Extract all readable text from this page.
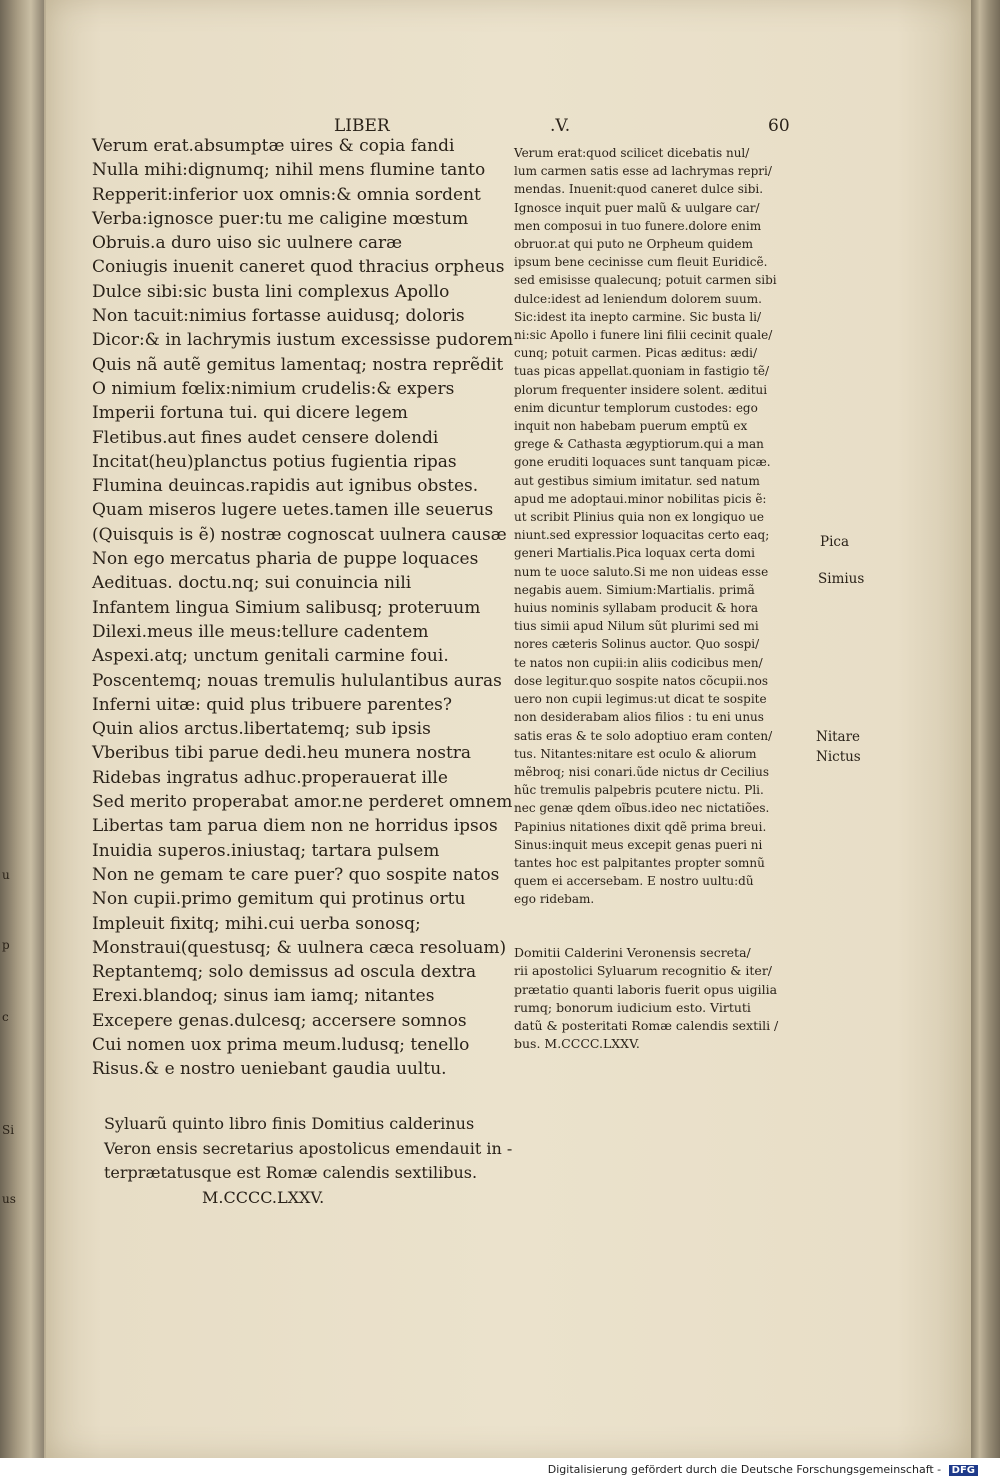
u
p
c
Si
us
LIBER	.V.	60
Verum erat.absumptæ uires & copia fandi
Nulla mihi:dignumq; nihil mens flumine tanto
Repperit:inferior uox omnis:& omnia sordent
Verba:ignosce puer:tu me caligine mœstum
Obruis.a duro uiso sic uulnere caræ
Coniugis inuenit caneret quod thracius orpheus
Dulce sibi:sic busta lini complexus Apollo
Non tacuit:nimius fortasse auidusq; doloris
Dicor:& in lachrymis iustum excessisse pudorem
Quis nã autẽ gemitus lamentaq; nostra reprẽdit
O nimium fœlix:nimium crudelis:& expers
Imperii fortuna tui. qui dicere legem
Fletibus.aut fines audet censere dolendi
Incitat(heu)planctus potius fugientia ripas
Flumina deuincas.rapidis aut ignibus obstes.
Quam miseros lugere uetes.tamen ille seuerus
(Quisquis is ẽ) nostræ cognoscat uulnera causæ
Non ego mercatus pharia de puppe loquaces
Aedituas. doctu.nq; sui conuincia nili
Infantem lingua Simium salibusq; proteruum
Dilexi.meus ille meus:tellure cadentem
Aspexi.atq; unctum genitali carmine foui.
Poscentemq; nouas tremulis hululantibus auras
Inferni uitæ: quid plus tribuere parentes?
Quin alios arctus.libertatemq; sub ipsis
Vberibus tibi parue dedi.heu munera nostra
Ridebas ingratus adhuc.properauerat ille
Sed merito properabat amor.ne perderet omnem
Libertas tam parua diem non ne horridus ipsos
Inuidia superos.iniustaq; tartara pulsem
Non ne gemam te care puer? quo sospite natos
Non cupii.primo gemitum qui protinus ortu
Impleuit fixitq; mihi.cui uerba sonosq;
Monstraui(questusq; & uulnera cæca resoluam)
Reptantemq; solo demissus ad oscula dextra
Erexi.blandoq; sinus iam iamq; nitantes
Excepere genas.dulcesq; accersere somnos
Cui nomen uox prima meum.ludusq; tenello
Risus.& e nostro ueniebant gaudia uultu.
Verum erat:quod scilicet dicebatis nul/
lum carmen satis esse ad lachrymas repri/
mendas. Inuenit:quod caneret dulce sibi.
Ignosce inquit puer malũ & uulgare car/
men composui in tuo funere.dolore enim
obruor.at qui puto ne Orpheum quidem
ipsum bene cecinisse cum fleuit Euridicẽ.
sed emisisse qualecunq; potuit carmen sibi
dulce:idest ad leniendum dolorem suum.
Sic:idest ita inepto carmine. Sic busta li/
ni:sic Apollo i funere lini filii cecinit quale/
cunq; potuit carmen. Picas æditus: ædi/
tuas picas appellat.quoniam in fastigio tẽ/
plorum frequenter insidere solent. æditui
enim dicuntur templorum custodes: ego
inquit non habebam puerum emptũ ex
grege & Cathasta ægyptiorum.qui a man
gone eruditi loquaces sunt tanquam picæ.
aut gestibus simium imitatur. sed natum
apud me adoptaui.minor nobilitas picis ẽ:
ut scribit Plinius quia non ex longiquo ue
niunt.sed expressior loquacitas certo eaq;
generi Martialis.Pica loquax certa domi
num te uoce saluto.Si me non uideas esse
negabis auem. Simium:Martialis. primã
huius nominis syllabam producit & hora
tius simii apud Nilum sũt plurimi sed mi
nores cæteris Solinus auctor. Quo sospi/
te natos non cupii:in aliis codicibus men/
dose legitur.quo sospite natos cõcupii.nos
uero non cupii legimus:ut dicat te sospite
non desiderabam alios filios : tu eni unus
satis eras & te solo adoptiuo eram conten/
tus. Nitantes:nitare est oculo & aliorum
mẽbroq; nisi conari.ũde nictus dr Cecilius
hũc tremulis palpebris pcutere nictu. Pli.
nec genæ qdem oĩbus.ideo nec nictatiões.
Papinius nitationes dixit qdẽ prima breui.
Sinus:inquit meus excepit genas pueri ni
tantes hoc est palpitantes propter somnũ
quem ei accersebam. E nostro uultu:dũ
ego ridebam.
Pica
Simius
Nitare
Nictus
Domitii Calderini Veronensis secreta/
rii apostolici Syluarum recognitio & iter/
prætatio quanti laboris fuerit opus uigilia
rumq; bonorum iudicium esto. Virtuti
datũ & posteritati Romæ calendis sextili /
bus. M.CCCC.LXXV.
Syluarũ quinto libro finis Domitius calderinus
Veron ensis secretarius apostolicus emendauit in -
terprætatusque est Romæ calendis sextilibus.
M.CCCC.LXXV.
Digitalisierung gefördert durch die Deutsche Forschungsgemeinschaft - DFG
